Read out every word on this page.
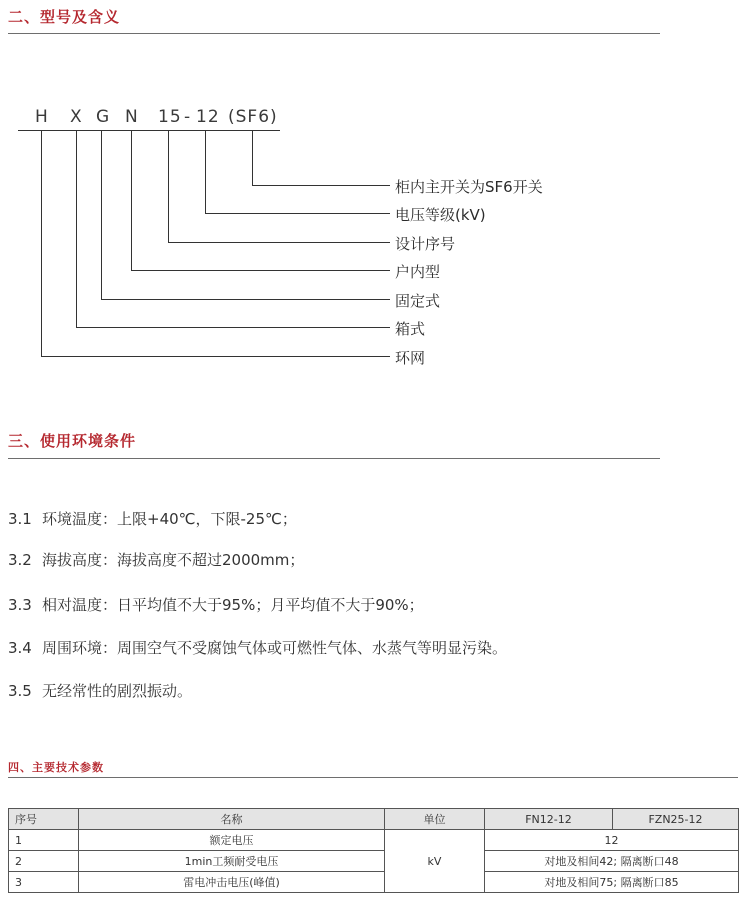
二、型号及含义
H X G N 15 - 12 (SF6)
柜内主开关为SF6开关
电压等级(kV)
设计序号
户内型
固定式
箱式
环网
三、使用环境条件
3.1 环境温度：上限+40℃，下限-25℃；
3.2 海拔高度：海拔高度不超过2000mm；
3.3 相对温度：日平均值不大于95%；月平均值不大于90%；
3.4 周围环境：周围空气不受腐蚀气体或可燃性气体、水蒸气等明显污染。
3.5 无经常性的剧烈振动。
四、主要技术参数
序号	名称	单位	FN12-12	FZN25-12
1	额定电压	kV	12	
2	1min工频耐受电压		对地及相间42; 隔离断口48	
3	雷电冲击电压(峰值)		对地及相间75; 隔离断口85	
